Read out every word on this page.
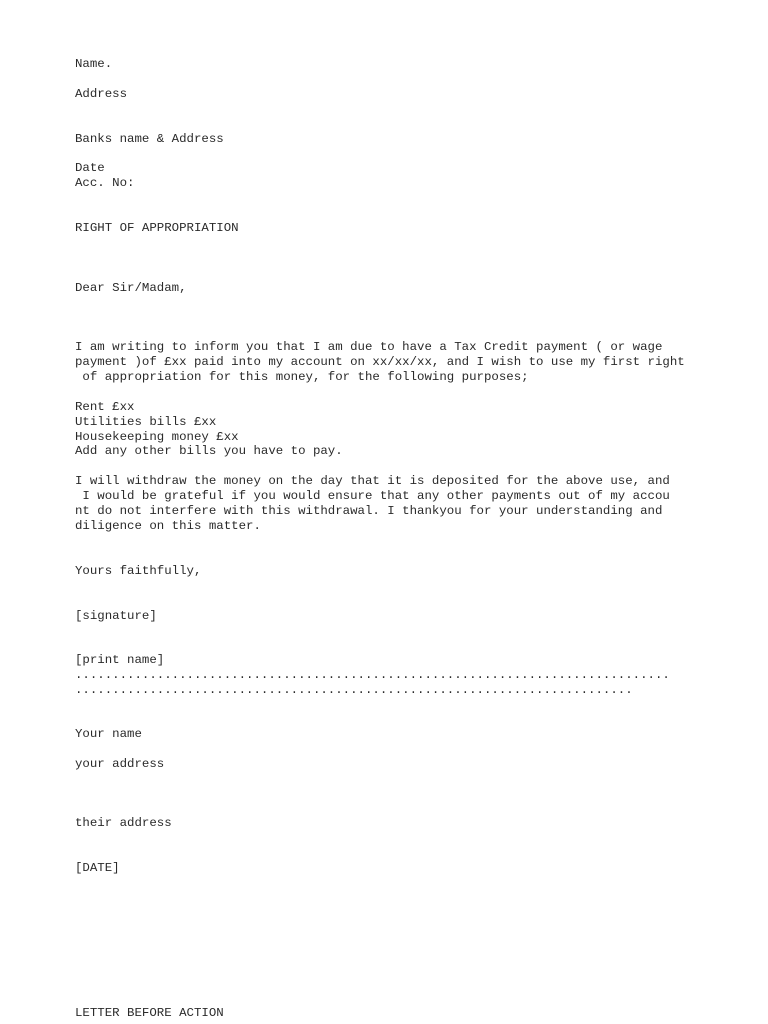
Name.

Address

Banks name & Address

Date

Acc. No:

RIGHT OF APPROPRIATION

Dear Sir/Madam,

I am writing to inform you that I am due to have a Tax Credit payment ( or wage

payment )of £xx paid into my account on xx/xx/xx, and I wish to use my first right

of appropriation for this money, for the following purposes;

Rent £xx

Utilities bills £xx

Housekeeping money £xx

Add any other bills you have to pay.

I will withdraw the money on the day that it is deposited for the above use, and

I would be grateful if you would ensure that any other payments out of my accou

nt do not interfere with this withdrawal. I thankyou for your understanding and

diligence on this matter.

Yours faithfully,

[signature]

[print name]

................................................................................

...........................................................................

Your name

your address

their address

[DATE]

LETTER BEFORE ACTION
